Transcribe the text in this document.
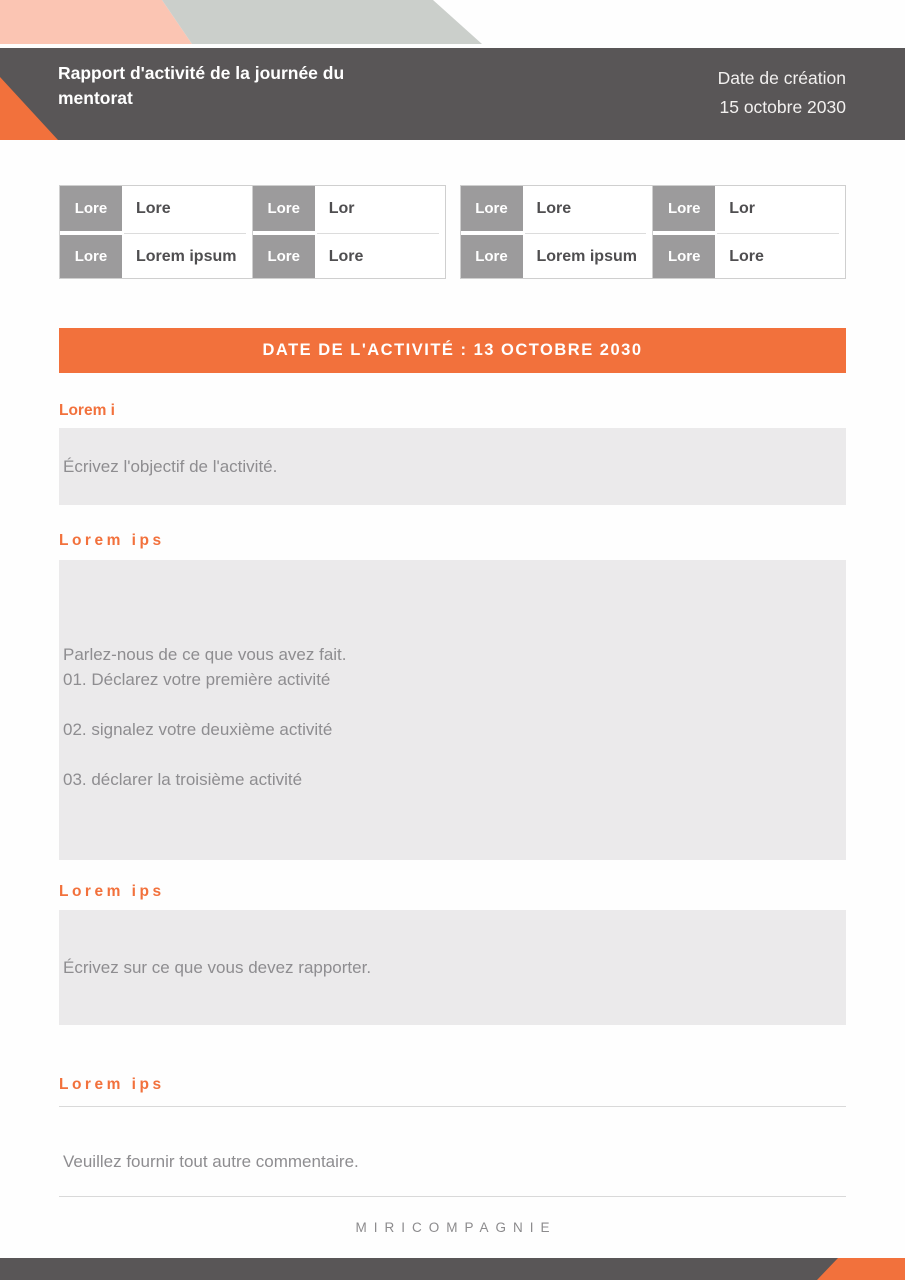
Rapport d'activité de la journée du mentorat
Date de création
15 octobre 2030
Lore	Lore
Lore	Lorem ipsum
Lore	Lor
Lore	Lore
Lore	Lore
Lore	Lorem ipsum
Lore	Lor
Lore	Lore
DATE DE L'ACTIVITÉ : 13 OCTOBRE 2030
Lorem i
Écrivez l'objectif de l'activité.
Lorem ips

Parlez-nous de ce que vous avez fait.

01. Déclarez votre première activité

02. signalez votre deuxième activité

03. déclarer la troisième activité

Lorem ips
Écrivez sur ce que vous devez rapporter.
Lorem ips
Veuillez fournir tout autre commentaire.
MIRICOMPAGNIE
